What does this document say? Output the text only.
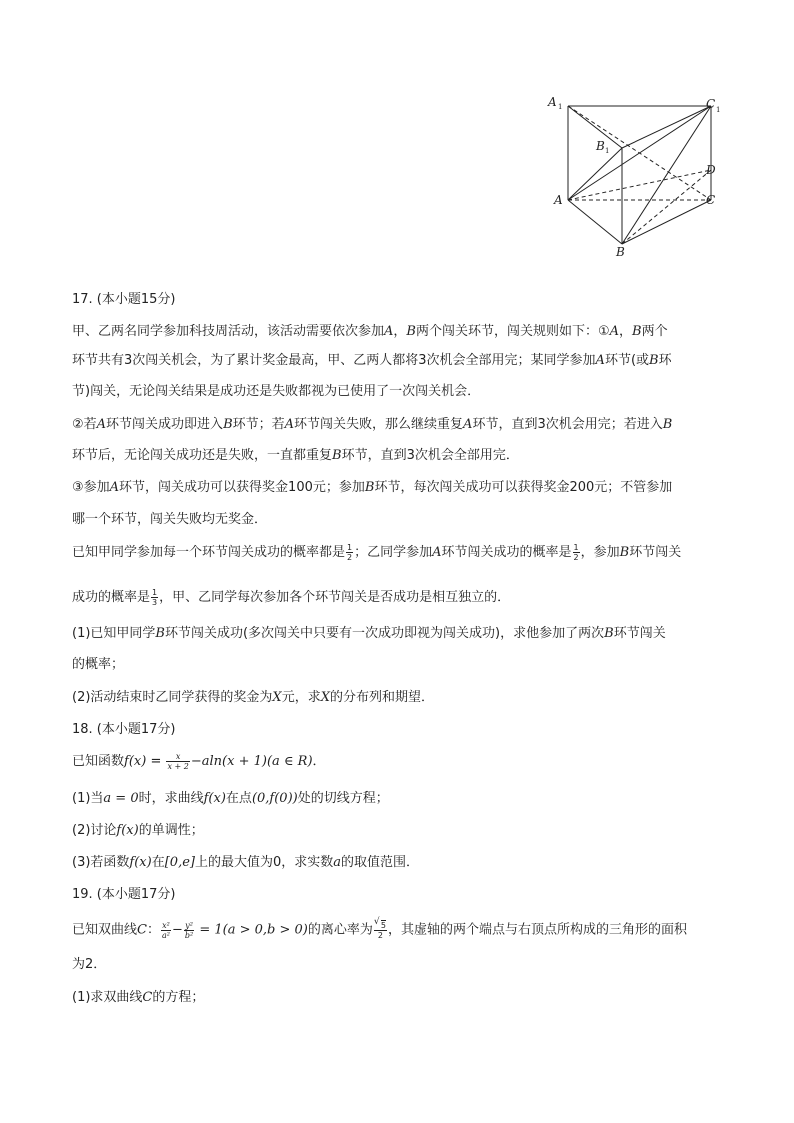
A 1	C 1
B 1
D
A	C
B

17. (本小题15分)

甲、乙两名同学参加科技周活动，该活动需要依次参加A，B两个闯关环节，闯关规则如下：①A，B两个

环节共有3次闯关机会，为了累计奖金最高，甲、乙两人都将3次机会全部用完；某同学参加A环节(或B环

节)闯关，无论闯关结果是成功还是失败都视为已使用了一次闯关机会．

②若A环节闯关成功即进入B环节；若A环节闯关失败，那么继续重复A环节，直到3次机会用完；若进入B

环节后，无论闯关成功还是失败，一直都重复B环节，直到3次机会全部用完．

③参加A环节，闯关成功可以获得奖金100元；参加B环节，每次闯关成功可以获得奖金200元；不管参加

哪一个环节，闯关失败均无奖金．

已知甲同学参加每一个环节闯关成功的概率都是 $\frac{1}{2}$ ；乙同学参加A环节闯关成功的概率是 $\frac{1}{2}$ ，参加B环节闯关

成功的概率是 $\frac{1}{3}$ ，甲、乙同学每次参加各个环节闯关是否成功是相互独立的．

(1)已知甲同学B环节闯关成功(多次闯关中只要有一次成功即视为闯关成功)，求他参加了两次B环节闯关

的概率；

(2)活动结束时乙同学获得的奖金为X元，求X的分布列和期望．

18. (本小题17分)

已知函数$f(x) = \frac{x}{x + 2} -aln(x + 1)(a$ ∈ R)．

(1)当a = 0时，求曲线f(x)在点(0,f(0))处的切线方程；

(2)讨论f(x)的单调性；

(3)若函数f(x)在[0,e]上的最大值为0，求实数a的取值范围．

19. (本小题17分)

已知双曲线C： $\frac{\text{x²}}{\text{a²}} - \frac{\text{y²}}{\text{b²}} = 1(a > 0,b > 0)$的离心率为
√ $\frac{5}{2}$ ，其虚轴的两个端点与右顶点所构成的三角形的面积

为2．

(1)求双曲线C的方程；
